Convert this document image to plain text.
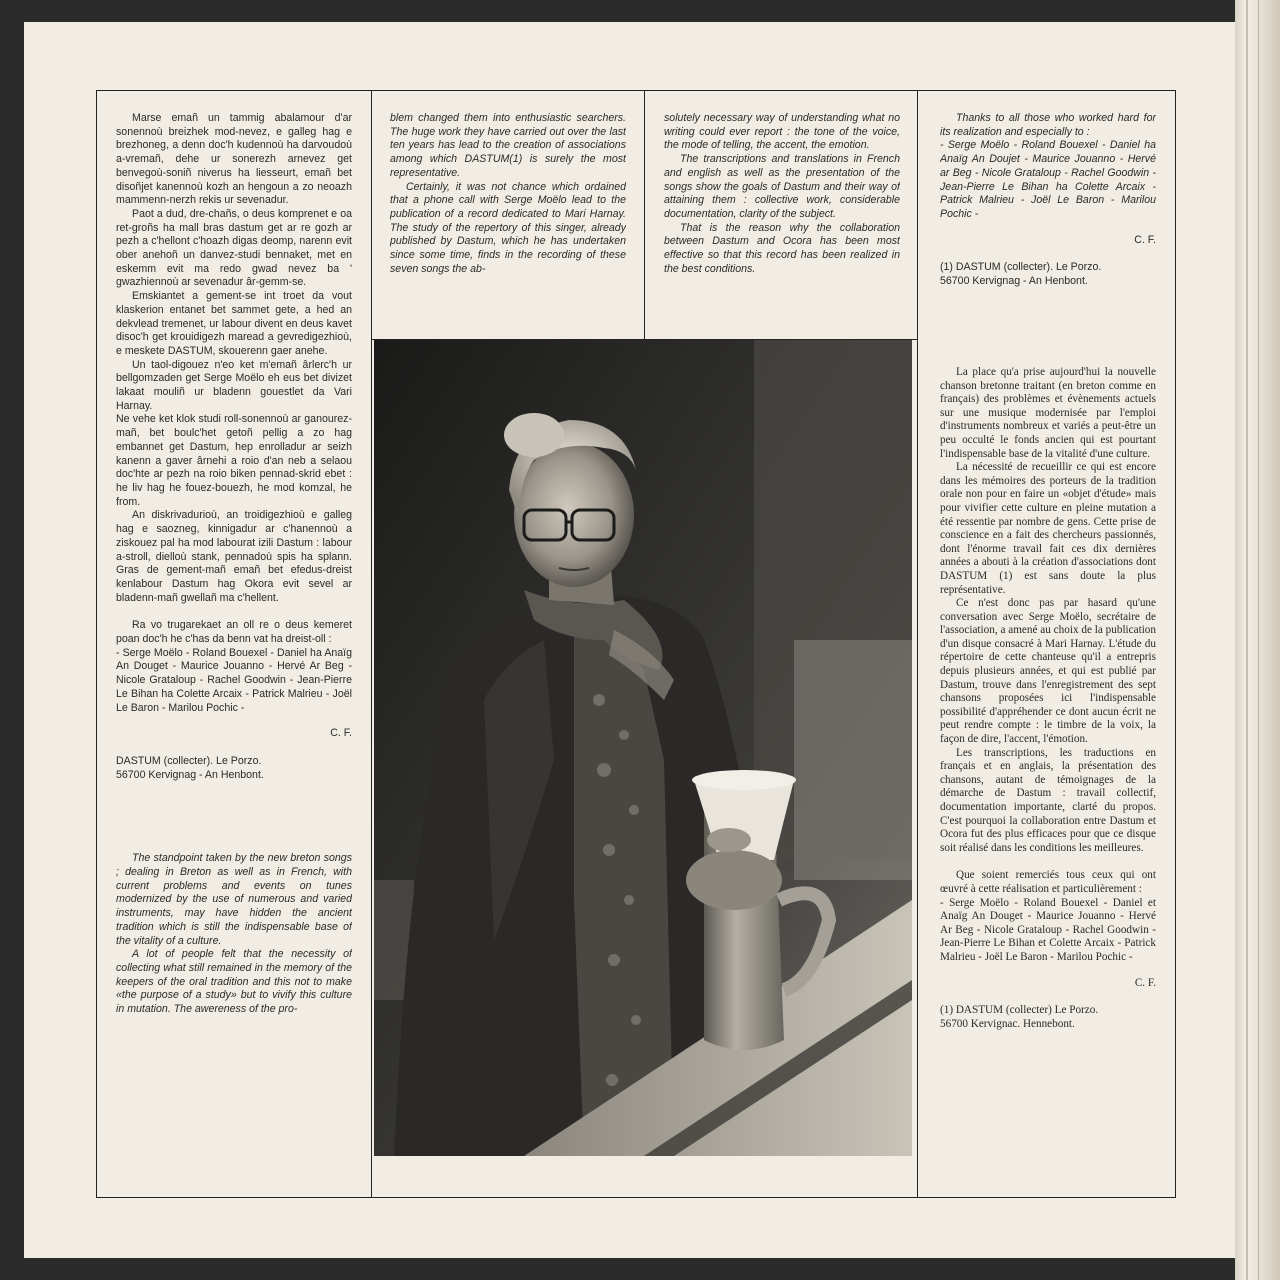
Marse emañ un tammig abalamour d'ar sonennoù breizhek mod-nevez, e galleg hag e brezhoneg, a denn doc'h kudennoù ha darvoudoù a-vremañ, dehe ur sonerezh arnevez get benvegoù-soniñ niverus ha liesseurt, emañ bet disoñjet kanennoù kozh an hengoun a zo neoazh mammenn-nerzh rekis ur sevenadur.

Paot a dud, dre-chañs, o deus komprenet e oa ret-groñs ha mall bras dastum get ar re gozh ar pezh a c'hellont c'hoazh digas deomp, narenn evit ober anehoñ un danvez-studi bennaket, met en eskemm evit ma redo gwad nevez ba ' gwazhiennoù ar sevenadur âr-gemm-se.

Emskiantet a gement-se int troet da vout klaskerion entanet bet sammet gete, a hed an dekvlead tremenet, ur labour divent en deus kavet disoc'h get krouidigezh maread a gevredigezhioù, e meskete DASTUM, skouerenn gaer anehe.

Un taol-digouez n'eo ket m'emañ ârlerc'h ur bellgomzaden get Serge Moëlo eh eus bet divizet lakaat mouliñ ur bladenn gouestlet da Vari Harnay.

Ne vehe ket klok studi roll-sonennoù ar ganourez-mañ, bet boulc'het getoñ pellig a zo hag embannet get Dastum, hep enrolladur ar seizh kanenn a gaver ârnehi a roio d'an neb a selaou doc'hte ar pezh na roio biken pennad-skrid ebet : he liv hag he fouez-bouezh, he mod komzal, he from.

An diskrivadurioù, an troidigezhioù e galleg hag e saozneg, kinnigadur ar c'hanennoù a ziskouez pal ha mod labourat izili Dastum : labour a-stroll, dielloù stank, pennadoù spis ha splann. Gras de gement-mañ emañ bet efedus-dreist kenlabour Dastum hag Okora evit sevel ar bladenn-mañ gwellañ ma c'hellent.

Ra vo trugarekaet an oll re o deus kemeret poan doc'h he c'has da benn vat ha dreist-oll :

- Serge Moëlo - Roland Bouexel - Daniel ha Anaïg An Douget - Maurice Jouanno - Hervé Ar Beg - Nicole Grataloup - Rachel Goodwin - Jean-Pierre Le Bihan ha Colette Arcaix - Patrick Malrieu - Joël Le Baron - Marilou Pochic -

C. F.

DASTUM (collecter). Le Porzo.

56700 Kervignag - An Henbont.

The standpoint taken by the new breton songs ; dealing in Breton as well as in French, with current problems and events on tunes modernized by the use of numerous and varied instruments, may have hidden the ancient tradition which is still the indispensable base of the vitality of a culture.

A lot of people felt that the necessity of collecting what still remained in the memory of the keepers of the oral tradition and this not to make «the purpose of a study» but to vivify this culture in mutation. The awereness of the pro-

blem changed them into enthusiastic searchers. The huge work they have carried out over the last ten years has lead to the creation of associations among which DASTUM(1) is surely the most representative.

Certainly, it was not chance which ordained that a phone call with Serge Moëlo lead to the publication of a record dedicated to Mari Harnay. The study of the repertory of this singer, already published by Dastum, which he has undertaken since some time, finds in the recording of these seven songs the ab-

solutely necessary way of understanding what no writing could ever report : the tone of the voice, the mode of telling, the accent, the emotion.

The transcriptions and translations in French and english as well as the presentation of the songs show the goals of Dastum and their way of attaining them : collective work, considerable documentation, clarity of the subject.

That is the reason why the collaboration between Dastum and Ocora has been most effective so that this record has been realized in the best conditions.

Thanks to all those who worked hard for its realization and especially to :

- Serge Moëlo - Roland Bouexel - Daniel ha Anaïg An Doujet - Maurice Jouanno - Hervé ar Beg - Nicole Grataloup - Rachel Goodwin - Jean-Pierre Le Bihan ha Colette Arcaix - Patrick Malrieu - Joël Le Baron - Marilou Pochic -

C. F.

(1) DASTUM (collecter). Le Porzo.

56700 Kervignag - An Henbont.

La place qu'a prise aujourd'hui la nouvelle chanson bretonne traitant (en breton comme en français) des problèmes et évènements actuels sur une musique modernisée par l'emploi d'instruments nombreux et variés a peut-être un peu occulté le fonds ancien qui est pourtant l'indispensable base de la vitalité d'une culture.

La nécessité de recueillir ce qui est encore dans les mémoires des porteurs de la tradition orale non pour en faire un «objet d'étude» mais pour vivifier cette culture en pleine mutation a été ressentie par nombre de gens. Cette prise de conscience en a fait des chercheurs passionnés, dont l'énorme travail fait ces dix dernières années a abouti à la création d'associations dont DASTUM (1) est sans doute la plus représentative.

Ce n'est donc pas par hasard qu'une conversation avec Serge Moëlo, secrétaire de l'association, a amené au choix de la publication d'un disque consacré à Mari Harnay. L'étude du répertoire de cette chanteuse qu'il a entrepris depuis plusieurs années, et qui est publié par Dastum, trouve dans l'enregistrement des sept chansons proposées ici l'indispensable possibilité d'appréhender ce dont aucun écrit ne peut rendre compte : le timbre de la voix, la façon de dire, l'accent, l'émotion.

Les transcriptions, les traductions en français et en anglais, la présentation des chansons, autant de témoignages de la démarche de Dastum : travail collectif, documentation importante, clarté du propos. C'est pourquoi la collaboration entre Dastum et Ocora fut des plus efficaces pour que ce disque soit réalisé dans les conditions les meilleures.

Que soient remerciés tous ceux qui ont œuvré à cette réalisation et particulièrement :

- Serge Moëlo - Roland Bouexel - Daniel et Anaïg An Douget - Maurice Jouanno - Hervé Ar Beg - Nicole Grataloup - Rachel Goodwin - Jean-Pierre Le Bihan et Colette Arcaix - Patrick Malrieu - Joël Le Baron - Marilou Pochic -

C. F.

(1) DASTUM (collecter) Le Porzo.

56700 Kervignac. Hennebont.
